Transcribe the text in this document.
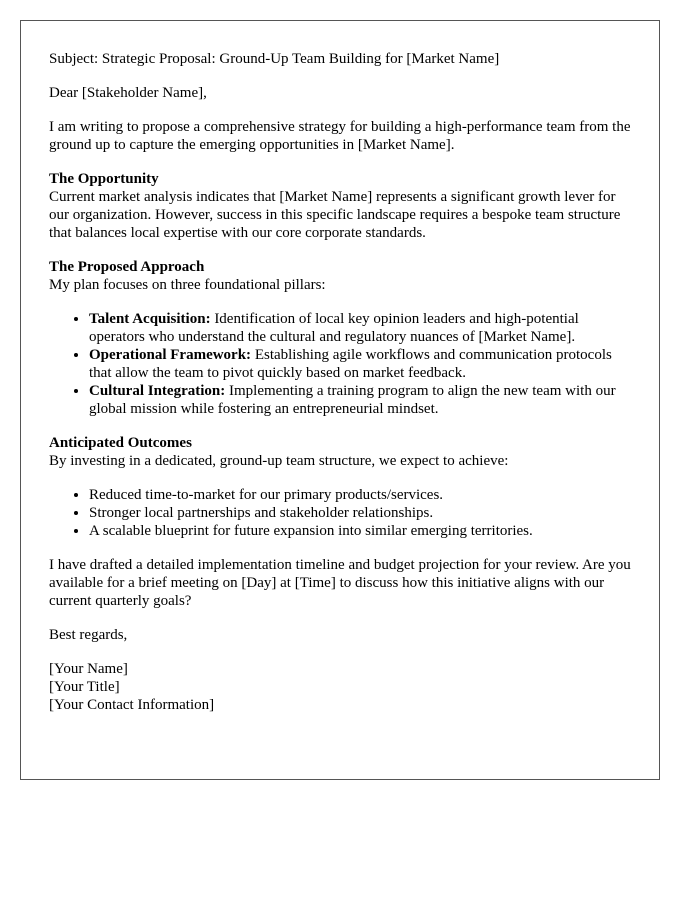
Subject: Strategic Proposal: Ground-Up Team Building for [Market Name]

Dear [Stakeholder Name],

I am writing to propose a comprehensive strategy for building a high-performance team from the ground up to capture the emerging opportunities in [Market Name].

The Opportunity
Current market analysis indicates that [Market Name] represents a significant growth lever for our organization. However, success in this specific landscape requires a bespoke team structure that balances local expertise with our core corporate standards.
The Proposed Approach
My plan focuses on three foundational pillars:
• Talent Acquisition: Identification of local key opinion leaders and high-potential operators who understand the cultural and regulatory nuances of [Market Name].
• Operational Framework: Establishing agile workflows and communication protocols that allow the team to pivot quickly based on market feedback.
• Cultural Integration: Implementing a training program to align the new team with our global mission while fostering an entrepreneurial mindset.
Anticipated Outcomes
By investing in a dedicated, ground-up team structure, we expect to achieve:
• Reduced time-to-market for our primary products/services.
• Stronger local partnerships and stakeholder relationships.
• A scalable blueprint for future expansion into similar emerging territories.

I have drafted a detailed implementation timeline and budget projection for your review. Are you available for a brief meeting on [Day] at [Time] to discuss how this initiative aligns with our current quarterly goals?

Best regards,

[Your Name]
[Your Title]
[Your Contact Information]
